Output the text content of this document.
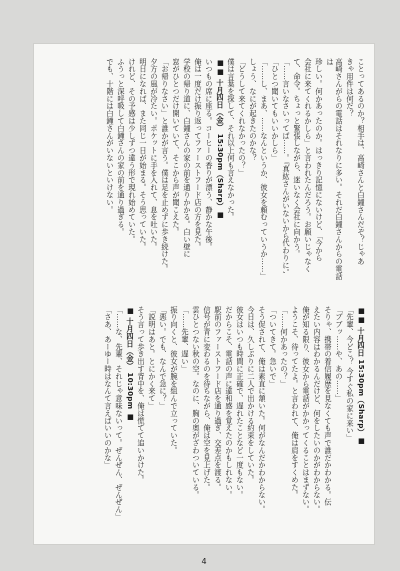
ことってあるのか？相手は、高崎さんと白鐘さんだぞ？じゃあ
きゃ用件は何だ？
高崎さんがらの電話はそれなりに多い。それだ白鐘さんからの電話は
珍しい。何かあったのか。はっきり記憶にないけど、「今から
会社に来てくれるかしら」と言われたんだろう。お願いじゃなく
て、命令。ちょっと緊張しながら、迷いなく会社に向かう。
「……言いなさいってば……。『真紘さんがいないから代わりに',
「ひとつ聞いてもいいかしら」
「……し、まあ、……なんというか、彼女を頼むっていうか……」
しょう、なにが起きたのかな？
「どうして来てくれなかったの？」
僕は言葉を探して、それ以上何も言えなかった。
■■ 十月四日（金） 15:30pm（Sharp）■
いつもの席に座る。コーヒーの香りが漂う、静かな午後。
俺は一度だけ振り返ってファーストフード店の方を見た。
学校の帰り道に、白鐘さんの家の前を通りかかる。白い壁に
窓がひとつだけ開いていて、そこから声が聞こえた。
「お帰りなさい」と誰かが言う。僕は足を止めずに歩き続けた。
夕方の風が冷たい。ポケットに手を入れて、息を吐いた。
明日になれば、また同じ一日が始まる。そう思っていた。
けれど、その予感は少しずつ違う形で現れ始めていた。
ふうっと深呼吸して白鐘さんの家の前を通り過ぎる。
でも、十階には白鐘さんがいないといけない。
■■ 十月四日 15:30pm（Sharp）■
「先輩、今どこ？ 今すぐ私の家に来い」
「ブブッ……や、あの……」
そりゃ、携帯の着信履歴を見なくても声で誰だかわかる。伝
えたい内容はわかるんだけど、何をしたいのかがわからない。
俺が知る限り、彼女から電話がかかってくることはまずない。
ようこそ、待ってたよ。と言われて、俺は肩をすくめた。
「……何かあったの？」
「ついてきて。急いで」
そう促されて、俺は素直に頷いた。何がなんだかわからない。
今日は、久しぶりに二人で出かける約束をしていた。
彼女はいつも時間に正確で、遅れたことなど一度もない。
だからこそ、電話の声に違和感を覚えたのかもしれない。
駅前のファーストフード店を通り過ぎ、交差点を渡る。
信号が青に変わるのを待ちながら、俺は空を見上げた。
雲ひとつない秋の空。なのに、胸の奥がざわついている。
「……先輩、遅い」
振り向くと、彼女が腕を組んで立っていた。
「悪い。でも、なんで急に？」
「説明はあと。とにかく来て」
そう言って歩き出す背中を、俺は慌てて追いかけた。
■ 十月四日（金） 10:30pm ■
「……な、先輩、それじゃ意味ないって。ぜんぜん、ぜんぜん」
「さあ、あーゆー時はなんて言えばいいのかな」
4
